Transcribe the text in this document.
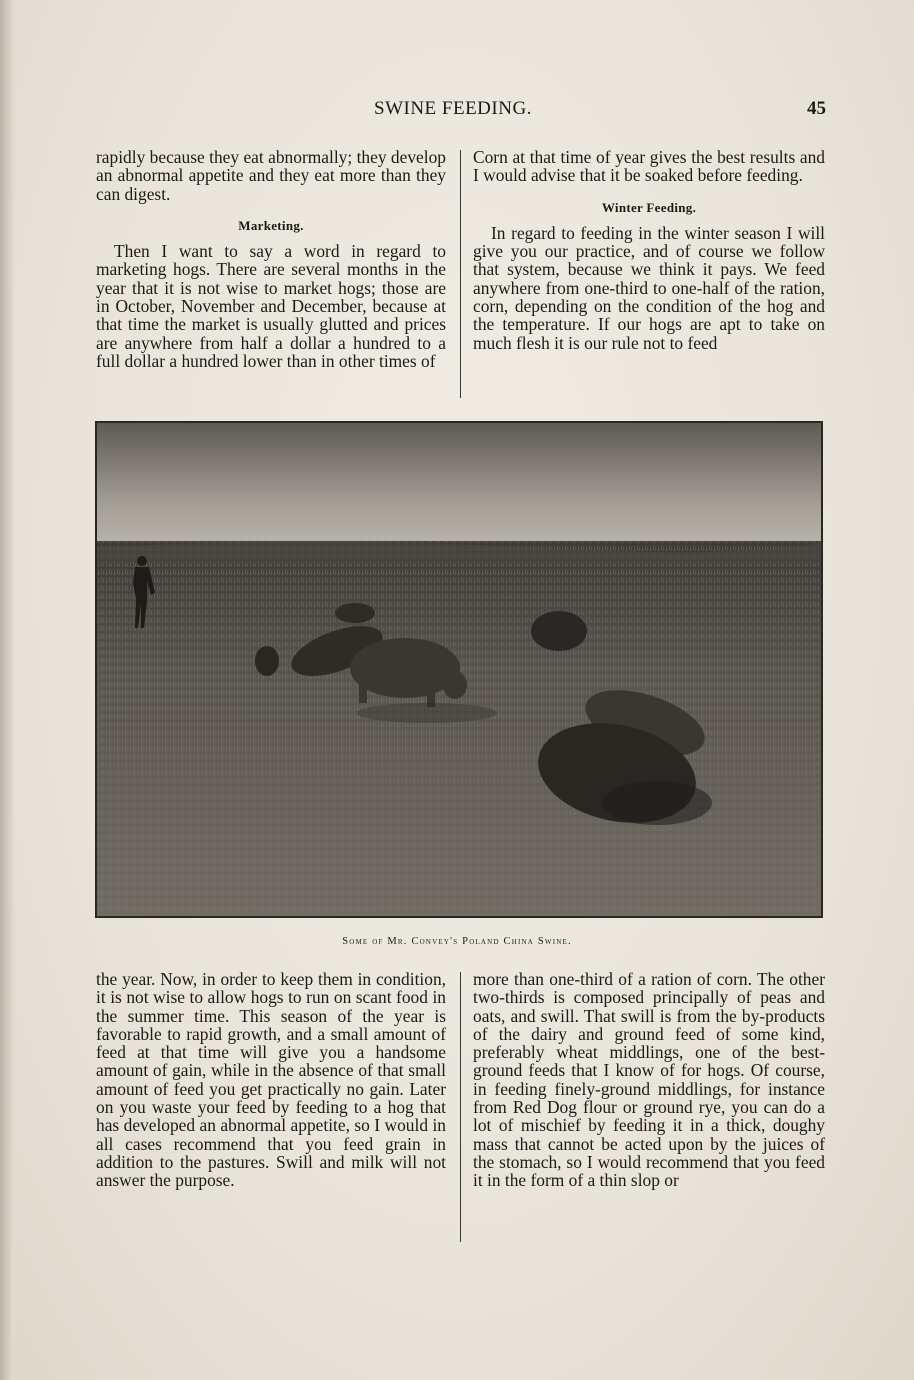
SWINE FEEDING.	45

rapidly because they eat abnormally; they develop an abnormal appetite and they eat more than they can digest.

Marketing.

Then I want to say a word in regard to marketing hogs. There are several months in the year that it is not wise to market hogs; those are in October, November and December, because at that time the market is usually glutted and prices are anywhere from half a dollar a hundred to a full dollar a hundred lower than in other times of

Corn at that time of year gives the best results and I would advise that it be soaked before feeding.

Winter Feeding.

In regard to feeding in the winter season I will give you our practice, and of course we follow that system, because we think it pays. We feed anywhere from one-third to one-half of the ration, corn, depending on the condition of the hog and the temperature. If our hogs are apt to take on much flesh it is our rule not to feed

Some of Mr. Convey's Poland China Swine.

the year. Now, in order to keep them in condition, it is not wise to allow hogs to run on scant food in the summer time. This season of the year is favorable to rapid growth, and a small amount of feed at that time will give you a handsome amount of gain, while in the absence of that small amount of feed you get practically no gain. Later on you waste your feed by feeding to a hog that has developed an abnormal appetite, so I would in all cases recommend that you feed grain in addition to the pastures. Swill and milk will not answer the purpose.

more than one-third of a ration of corn. The other two-thirds is composed principally of peas and oats, and swill. That swill is from the by-products of the dairy and ground feed of some kind, preferably wheat middlings, one of the best-ground feeds that I know of for hogs. Of course, in feeding finely-ground middlings, for instance from Red Dog flour or ground rye, you can do a lot of mischief by feeding it in a thick, doughy mass that cannot be acted upon by the juices of the stomach, so I would recommend that you feed it in the form of a thin slop or
